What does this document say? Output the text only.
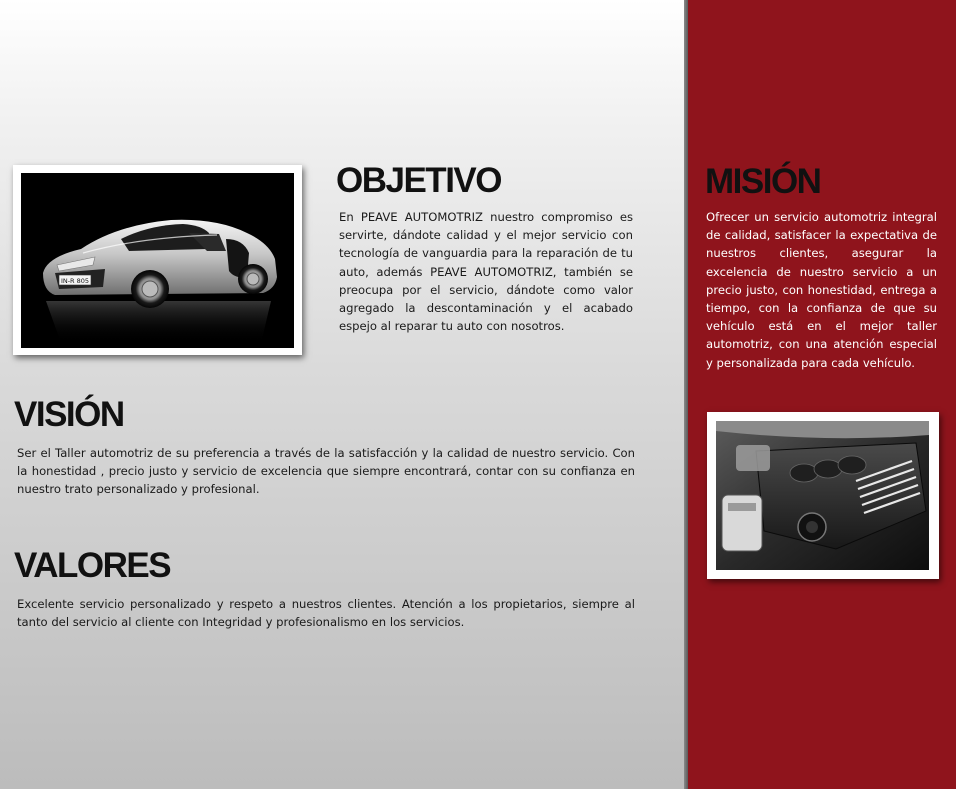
IN-R 805
OBJETIVO

En PEAVE AUTOMOTRIZ nuestro compromiso es servirte, dándote calidad y el mejor servicio con tecnología de vanguardia para la reparación de tu auto, además PEAVE AUTOMOTRIZ, también se preocupa por el servicio, dándote como valor agregado la descontaminación y el acabado espejo al reparar tu auto con nosotros.

VISIÓN

Ser el Taller automotriz de su preferencia a través de la satisfacción y la calidad de nuestro servicio. Con la honestidad , precio justo y servicio de excelencia que siempre encontrará, contar con su confianza en nuestro trato personalizado y profesional.

VALORES

Excelente servicio personalizado y respeto a nuestros clientes. Atención a los propietarios, siempre al tanto del servicio al cliente con Integridad y profesionalismo en los servicios.

MISIÓN

Ofrecer un servicio automotriz integral de calidad, satisfacer la expectativa de nuestros clientes, asegurar la excelencia de nuestro servicio a un precio justo, con honestidad, entrega a tiempo, con la confianza de que su vehículo está en el mejor taller automotriz, con una atención especial y personalizada para cada vehículo.
